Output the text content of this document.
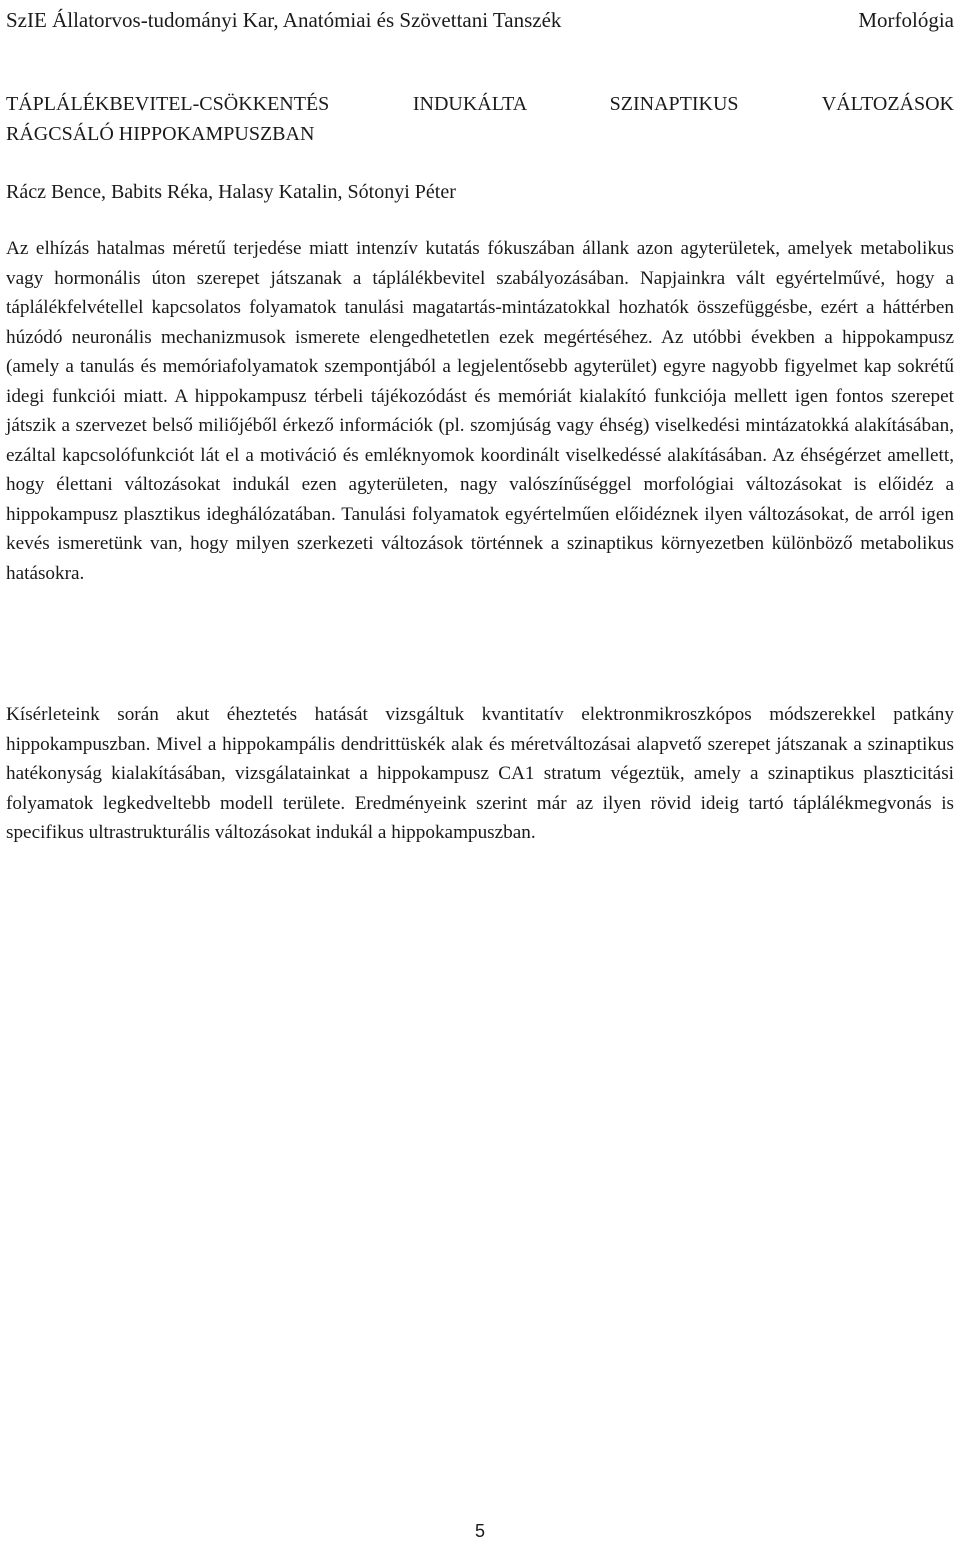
SzIE Állatorvos-tudományi Kar, Anatómiai és Szövettani Tanszék	Morfológia
TÁPLÁLÉKBEVITEL-CSÖKKENTÉS INDUKÁLTA SZINAPTIKUS VÁLTOZÁSOK
RÁGCSÁLÓ HIPPOKAMPUSZBAN
Rácz Bence, Babits Réka, Halasy Katalin, Sótonyi Péter

Az elhízás hatalmas méretű terjedése miatt intenzív kutatás fókuszában állank azon agyterületek, amelyek metabolikus vagy hormonális úton szerepet játszanak a táplálékbevitel szabályozásában. Napjainkra vált egyértelművé, hogy a táplálékfelvétellel kapcsolatos folyamatok tanulási magatartás-mintázatokkal hozhatók összefüggésbe, ezért a háttérben húzódó neuronális mechanizmusok ismerete elengedhetetlen ezek megértéséhez. Az utóbbi években a hippokampusz (amely a tanulás és memóriafolyamatok szempontjából a legjelentősebb agyterület) egyre nagyobb figyelmet kap sokrétű idegi funkciói miatt. A hippokampusz térbeli tájékozódást és memóriát kialakító funkciója mellett igen fontos szerepet játszik a szervezet belső miliőjéből érkező információk (pl. szomjúság vagy éhség) viselkedési mintázatokká alakításában, ezáltal kapcsolófunkciót lát el a motiváció és emléknyomok koordinált viselkedéssé alakításában. Az éhségérzet amellett, hogy élettani változásokat indukál ezen agyterületen, nagy valószínűséggel morfológiai változásokat is előidéz a hippokampusz plasztikus ideghálózatában. Tanulási folyamatok egyértelműen előidéznek ilyen változásokat, de arról igen kevés ismeretünk van, hogy milyen szerkezeti változások történnek a szinaptikus környezetben különböző metabolikus hatásokra.

Kísérleteink során akut éheztetés hatását vizsgáltuk kvantitatív elektronmikroszkópos módszerekkel patkány hippokampuszban. Mivel a hippokampális dendrittüskék alak és méretváltozásai alapvető szerepet játszanak a szinaptikus hatékonyság kialakításában, vizsgálatainkat a hippokampusz CA1 stratum végeztük, amely a szinaptikus plaszticitási folyamatok legkedveltebb modell területe. Eredményeink szerint már az ilyen rövid ideig tartó táplálékmegvonás is specifikus ultrastrukturális változásokat indukál a hippokampuszban.

5
